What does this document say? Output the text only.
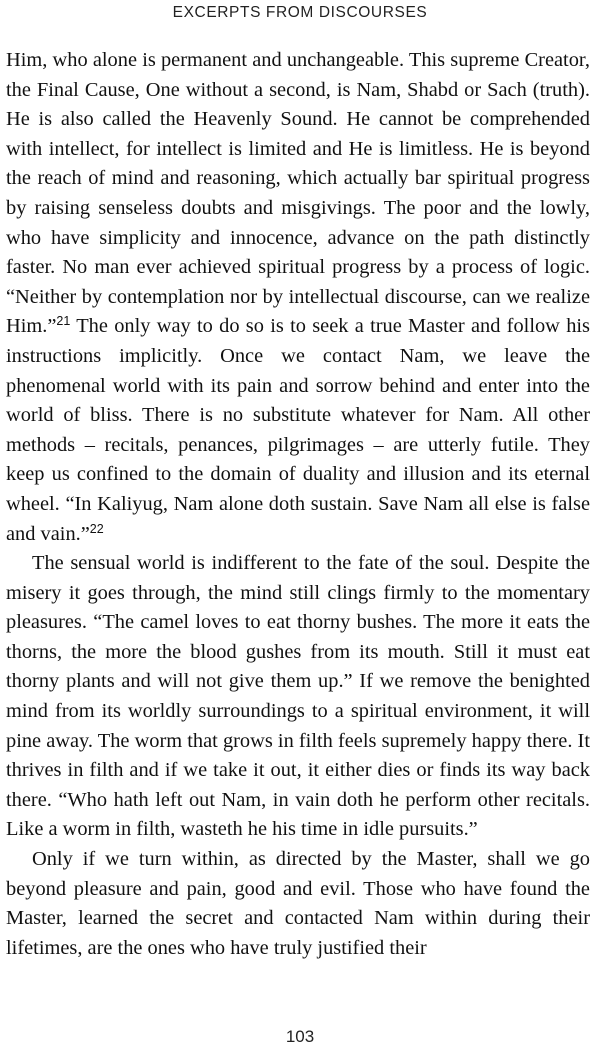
EXCERPTS FROM DISCOURSES

Him, who alone is permanent and unchangeable. This supreme Creator, the Final Cause, One without a second, is Nam, Shabd or Sach (truth). He is also called the Heavenly Sound. He cannot be comprehended with intellect, for intellect is limited and He is limitless. He is beyond the reach of mind and reasoning, which actually bar spiritual progress by raising senseless doubts and misgivings. The poor and the lowly, who have simplicity and innocence, advance on the path distinctly faster. No man ever achieved spiritual progress by a process of logic. “Neither by contemplation nor by intellectual discourse, can we realize Him.”$^{21}$ The only way to do so is to seek a true Master and follow his instructions implicitly. Once we contact Nam, we leave the phenomenal world with its pain and sorrow behind and enter into the world of bliss. There is no substitute whatever for Nam. All other methods – recitals, penances, pilgrimages – are utterly futile. They keep us confined to the domain of duality and illusion and its eternal wheel. “In Kaliyug, Nam alone doth sustain. Save Nam all else is false and vain.”$^{22}$

The sensual world is indifferent to the fate of the soul. Despite the misery it goes through, the mind still clings firmly to the momentary pleasures. “The camel loves to eat thorny bushes. The more it eats the thorns, the more the blood gushes from its mouth. Still it must eat thorny plants and will not give them up.” If we remove the benighted mind from its worldly surroundings to a spiritual environment, it will pine away. The worm that grows in filth feels supremely happy there. It thrives in filth and if we take it out, it either dies or finds its way back there. “Who hath left out Nam, in vain doth he perform other recitals. Like a worm in filth, wasteth he his time in idle pursuits.”

Only if we turn within, as directed by the Master, shall we go beyond pleasure and pain, good and evil. Those who have found the Master, learned the secret and contacted Nam within during their lifetimes, are the ones who have truly justified their

103
